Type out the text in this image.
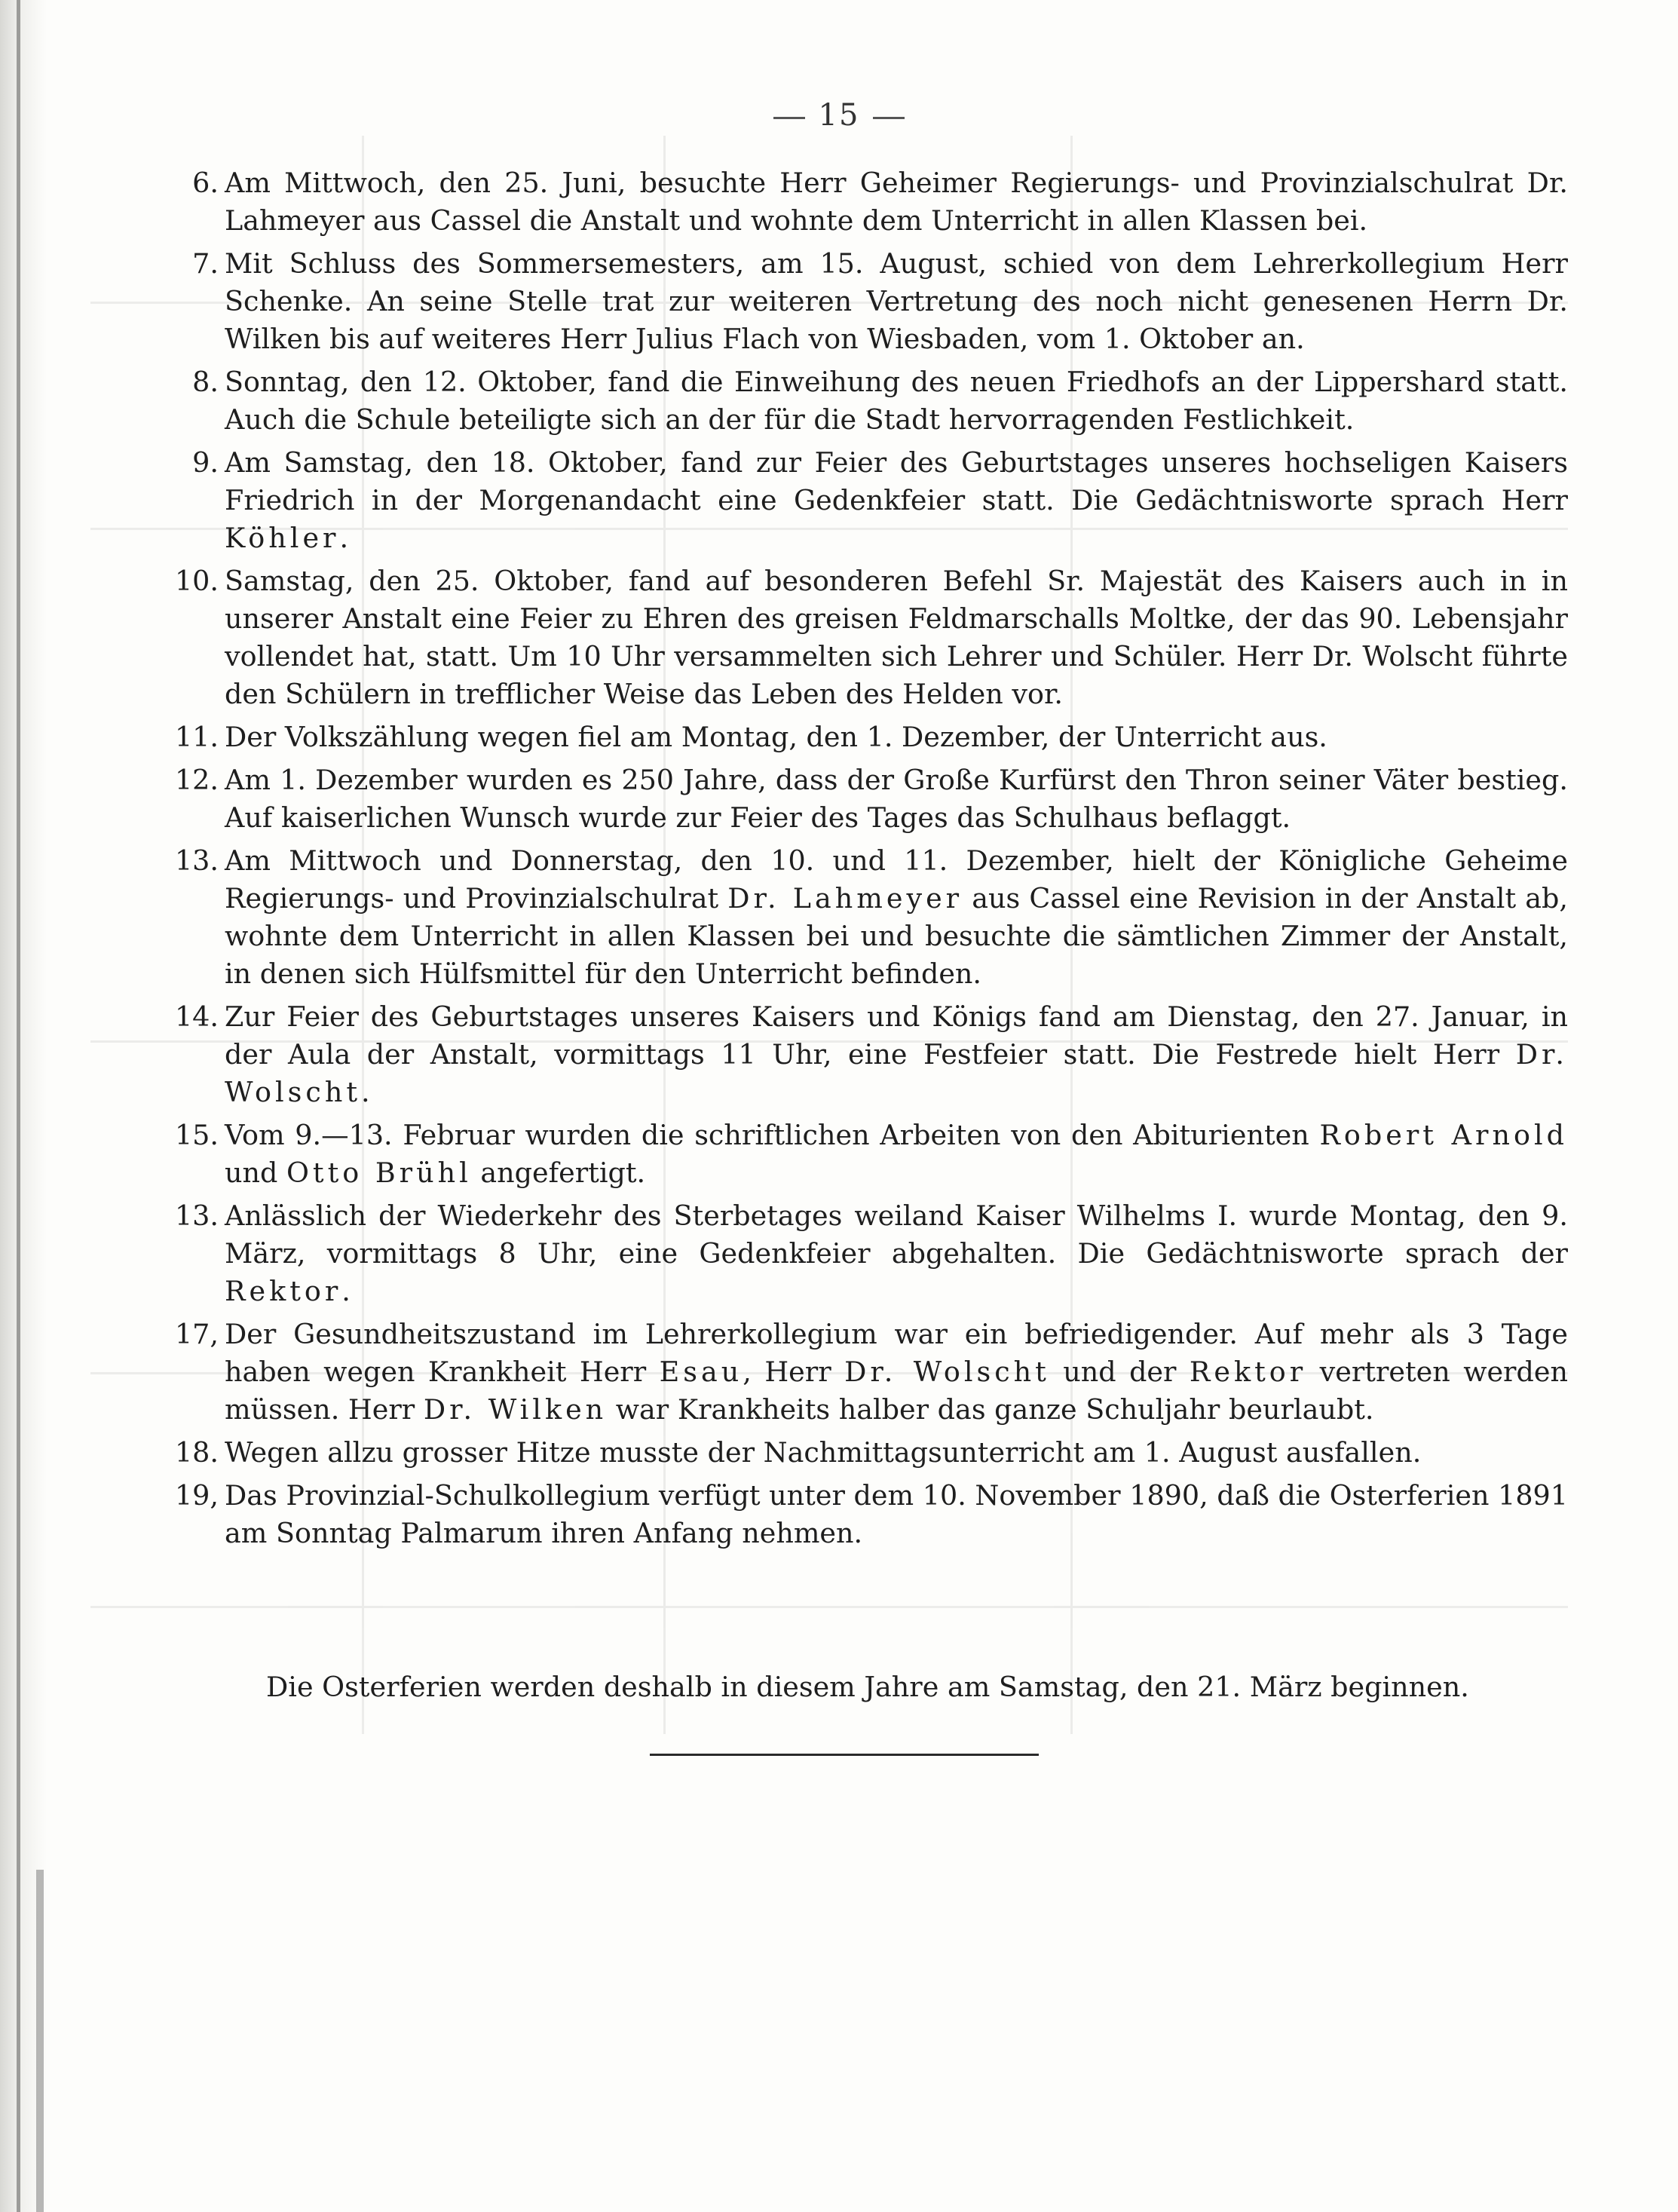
15
6. Am Mittwoch, den 25. Juni, besuchte Herr Geheimer Regierungs- und Provinzialschulrat Dr. Lahmeyer aus Cassel die Anstalt und wohnte dem Unterricht in allen Klassen bei.
7. Mit Schluss des Sommersemesters, am 15. August, schied von dem Lehrerkollegium Herr Schenke. An seine Stelle trat zur weiteren Vertretung des noch nicht genesenen Herrn Dr. Wilken bis auf weiteres Herr Julius Flach von Wiesbaden, vom 1. Oktober an.
8. Sonntag, den 12. Oktober, fand die Einweihung des neuen Friedhofs an der Lippershard statt. Auch die Schule beteiligte sich an der für die Stadt hervorragenden Festlichkeit.
9. Am Samstag, den 18. Oktober, fand zur Feier des Geburtstages unseres hochseligen Kaisers Friedrich in der Morgenandacht eine Gedenkfeier statt. Die Gedächtnisworte sprach Herr Köhler.
10. Samstag, den 25. Oktober, fand auf besonderen Befehl Sr. Majestät des Kaisers auch in in unserer Anstalt eine Feier zu Ehren des greisen Feldmarschalls Moltke, der das 90. Lebensjahr vollendet hat, statt. Um 10 Uhr versammelten sich Lehrer und Schüler. Herr Dr. Wolscht führte den Schülern in trefflicher Weise das Leben des Helden vor.
11. Der Volkszählung wegen fiel am Montag, den 1. Dezember, der Unterricht aus.
12. Am 1. Dezember wurden es 250 Jahre, dass der Große Kurfürst den Thron seiner Väter bestieg. Auf kaiserlichen Wunsch wurde zur Feier des Tages das Schulhaus beflaggt.
13. Am Mittwoch und Donnerstag, den 10. und 11. Dezember, hielt der Königliche Geheime Regierungs- und Provinzialschulrat Dr. Lahmeyer aus Cassel eine Revision in der Anstalt ab, wohnte dem Unterricht in allen Klassen bei und besuchte die sämtlichen Zimmer der Anstalt, in denen sich Hülfsmittel für den Unterricht befinden.
14. Zur Feier des Geburtstages unseres Kaisers und Königs fand am Dienstag, den 27. Januar, in der Aula der Anstalt, vormittags 11 Uhr, eine Festfeier statt. Die Festrede hielt Herr Dr. Wolscht.
15. Vom 9.—13. Februar wurden die schriftlichen Arbeiten von den Abiturienten Robert Arnold und Otto Brühl angefertigt.
13. Anlässlich der Wiederkehr des Sterbetages weiland Kaiser Wilhelms I. wurde Montag, den 9. März, vormittags 8 Uhr, eine Gedenkfeier abgehalten. Die Gedächtnisworte sprach der Rektor.
17, Der Gesundheitszustand im Lehrerkollegium war ein befriedigender. Auf mehr als 3 Tage haben wegen Krankheit Herr Esau, Herr Dr. Wolscht und der Rektor vertreten werden müssen. Herr Dr. Wilken war Krankheits halber das ganze Schuljahr beurlaubt.
18. Wegen allzu grosser Hitze musste der Nachmittagsunterricht am 1. August ausfallen.
19, Das Provinzial-Schulkollegium verfügt unter dem 10. November 1890, daß die Osterferien 1891 am Sonntag Palmarum ihren Anfang nehmen.
Die Osterferien werden deshalb in diesem Jahre am Samstag, den 21. März beginnen.
